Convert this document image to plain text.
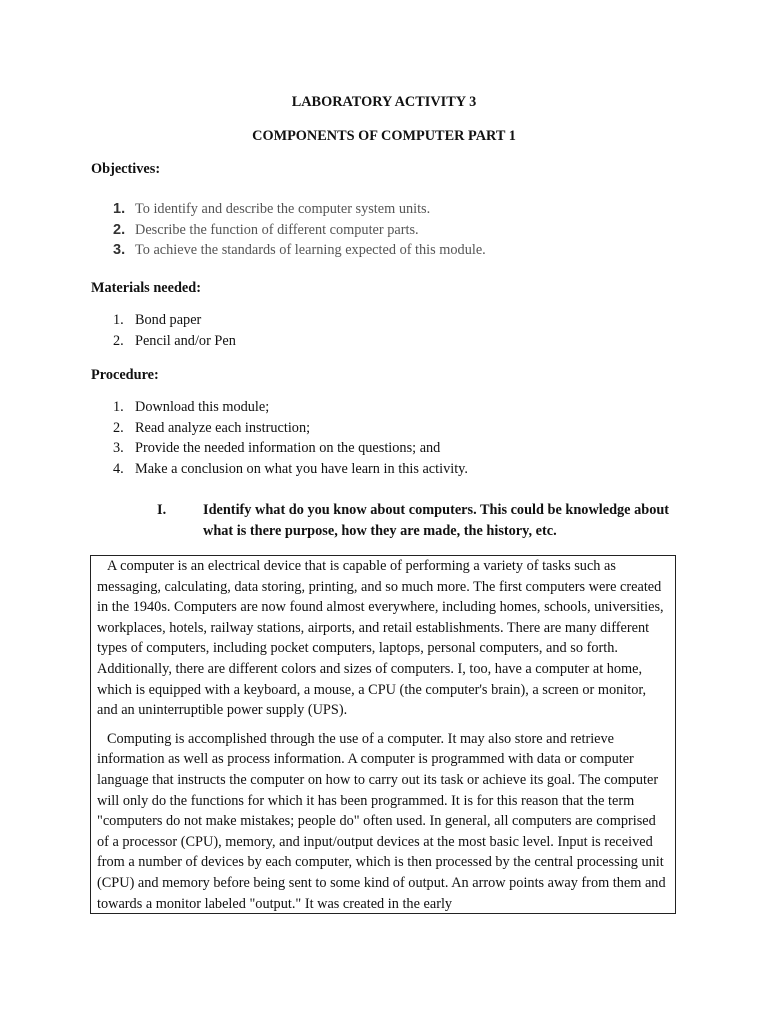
LABORATORY ACTIVITY 3
COMPONENTS OF COMPUTER PART 1
Objectives:
1. To identify and describe the computer system units.
2. Describe the function of different computer parts.
3. To achieve the standards of learning expected of this module.
Materials needed:
1. Bond paper
2. Pencil and/or Pen
Procedure:
1. Download this module;
2. Read analyze each instruction;
3. Provide the needed information on the questions; and
4. Make a conclusion on what you have learn in this activity.
I.	Identify what do you know about computers. This could be knowledge about what is there purpose, how they are made, the history, etc.

A computer is an electrical device that is capable of performing a variety of tasks such as messaging, calculating, data storing, printing, and so much more. The first computers were created in the 1940s. Computers are now found almost everywhere, including homes, schools, universities, workplaces, hotels, railway stations, airports, and retail establishments. There are many different types of computers, including pocket computers, laptops, personal computers, and so forth. Additionally, there are different colors and sizes of computers. I, too, have a computer at home, which is equipped with a keyboard, a mouse, a CPU (the computer's brain), a screen or monitor, and an uninterruptible power supply (UPS).

Computing is accomplished through the use of a computer. It may also store and retrieve information as well as process information. A computer is programmed with data or computer language that instructs the computer on how to carry out its task or achieve its goal. The computer will only do the functions for which it has been programmed. It is for this reason that the term "computers do not make mistakes; people do" often used. In general, all computers are comprised of a processor (CPU), memory, and input/output devices at the most basic level. Input is received from a number of devices by each computer, which is then processed by the central processing unit (CPU) and memory before being sent to some kind of output. An arrow points away from them and towards a monitor labeled "output." It was created in the early
